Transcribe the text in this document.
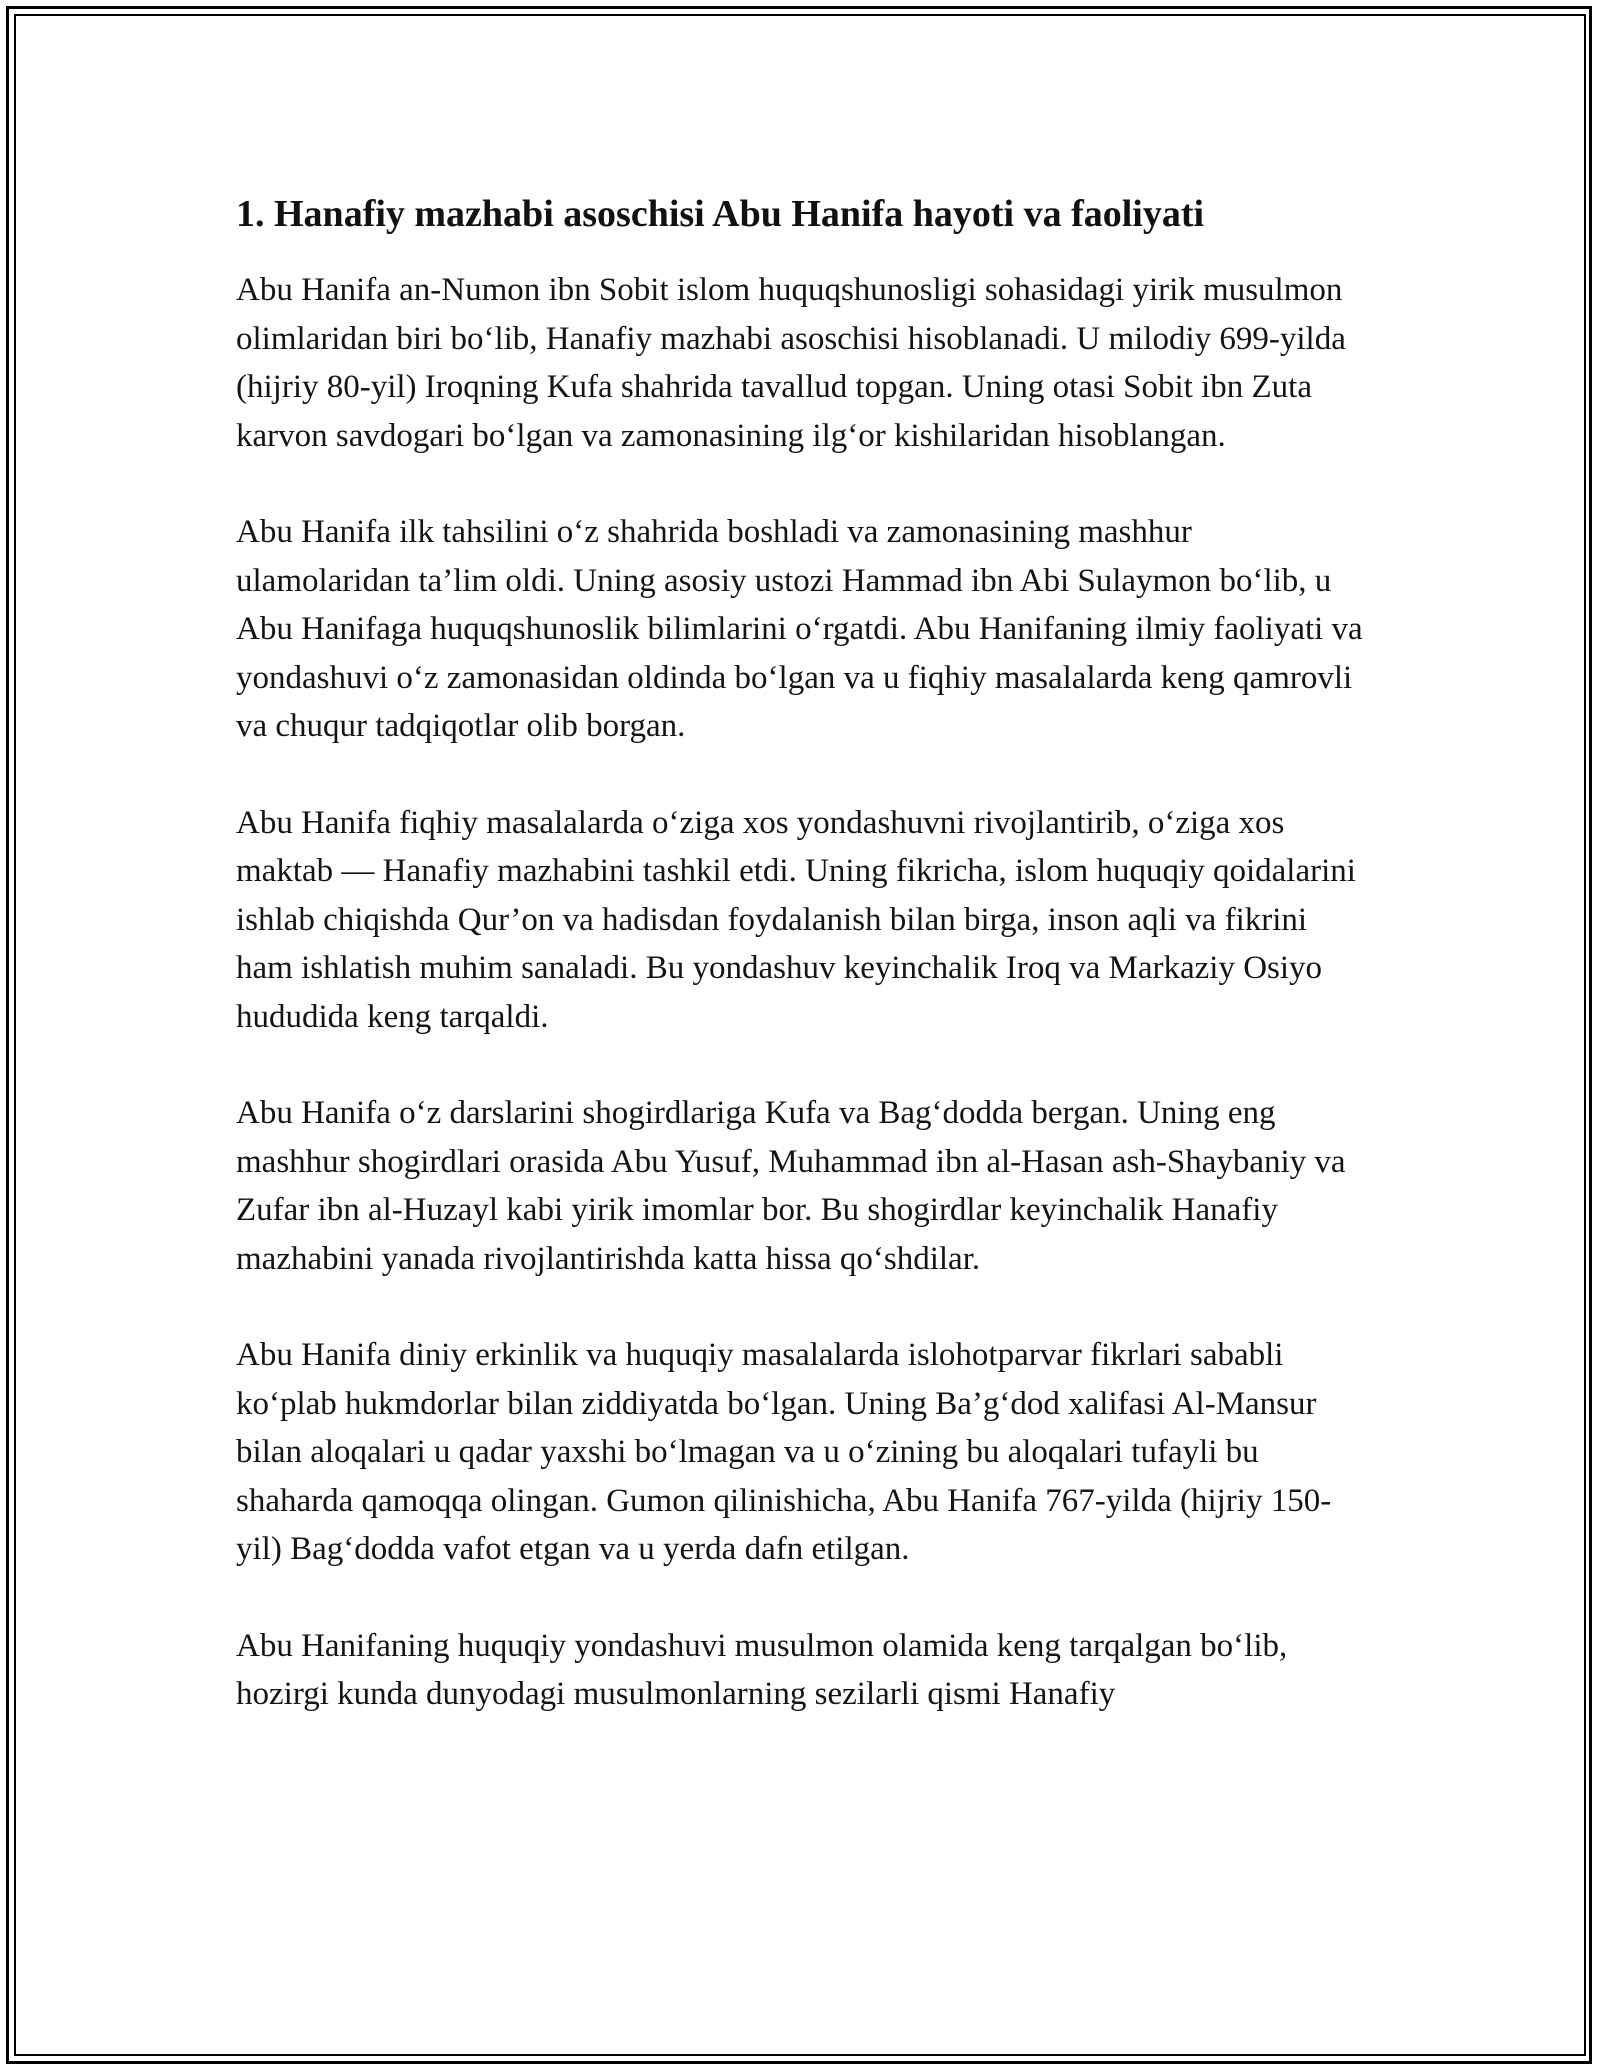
1. Hanafiy mazhabi asoschisi Abu Hanifa hayoti va faoliyati

Abu Hanifa an-Numon ibn Sobit islom huquqshunosligi sohasidagi yirik musulmon olimlaridan biri bo‘lib, Hanafiy mazhabi asoschisi hisoblanadi. U milodiy 699-yilda (hijriy 80-yil) Iroqning Kufa shahrida tavallud topgan. Uning otasi Sobit ibn Zuta karvon savdogari bo‘lgan va zamonasining ilg‘or kishilaridan hisoblangan.

Abu Hanifa ilk tahsilini o‘z shahrida boshladi va zamonasining mashhur ulamolaridan ta’lim oldi. Uning asosiy ustozi Hammad ibn Abi Sulaymon bo‘lib, u Abu Hanifaga huquqshunoslik bilimlarini o‘rgatdi. Abu Hanifaning ilmiy faoliyati va yondashuvi o‘z zamonasidan oldinda bo‘lgan va u fiqhiy masalalarda keng qamrovli va chuqur tadqiqotlar olib borgan.

Abu Hanifa fiqhiy masalalarda o‘ziga xos yondashuvni rivojlantirib, o‘ziga xos maktab — Hanafiy mazhabini tashkil etdi. Uning fikricha, islom huquqiy qoidalarini ishlab chiqishda Qur’on va hadisdan foydalanish bilan birga, inson aqli va fikrini ham ishlatish muhim sanaladi. Bu yondashuv keyinchalik Iroq va Markaziy Osiyo hududida keng tarqaldi.

Abu Hanifa o‘z darslarini shogirdlariga Kufa va Bag‘dodda bergan. Uning eng mashhur shogirdlari orasida Abu Yusuf, Muhammad ibn al-Hasan ash-Shaybaniy va Zufar ibn al-Huzayl kabi yirik imomlar bor. Bu shogirdlar keyinchalik Hanafiy mazhabini yanada rivojlantirishda katta hissa qo‘shdilar.

Abu Hanifa diniy erkinlik va huquqiy masalalarda islohotparvar fikrlari sababli ko‘plab hukmdorlar bilan ziddiyatda bo‘lgan. Uning Ba’g‘dod xalifasi Al-Mansur bilan aloqalari u qadar yaxshi bo‘lmagan va u o‘zining bu aloqalari tufayli bu shaharda qamoqqa olingan. Gumon qilinishicha, Abu Hanifa 767-yilda (hijriy 150-yil) Bag‘dodda vafot etgan va u yerda dafn etilgan.

Abu Hanifaning huquqiy yondashuvi musulmon olamida keng tarqalgan bo‘lib, hozirgi kunda dunyodagi musulmonlarning sezilarli qismi Hanafiy
